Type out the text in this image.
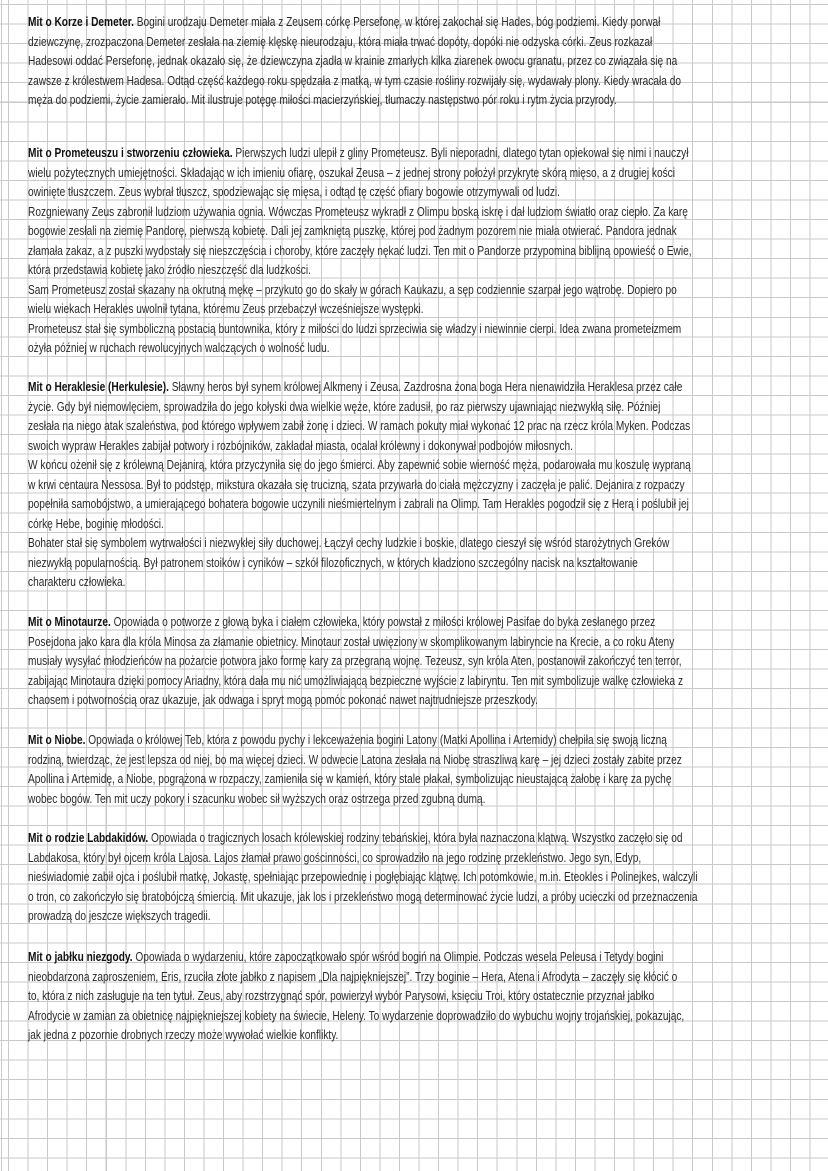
Mit o Korze i Demeter. Bogini urodzaju Demeter miała z Zeusem córkę Persefonę, w której zakochał się Hades, bóg podziemi. Kiedy porwał
dziewczynę, zrozpaczona Demeter zesłała na ziemię klęskę nieurodzaju, która miała trwać dopóty, dopóki nie odzyska córki. Zeus rozkazał
Hadesowi oddać Persefonę, jednak okazało się, że dziewczyna zjadła w krainie zmarłych kilka ziarenek owocu granatu, przez co związała się na
zawsze z królestwem Hadesa. Odtąd część każdego roku spędzała z matką, w tym czasie rośliny rozwijały się, wydawały plony. Kiedy wracała do
męża do podziemi, życie zamierało. Mit ilustruje potęgę miłości macierzyńskiej, tłumaczy następstwo pór roku i rytm życia przyrody.
Mit o Prometeuszu i stworzeniu człowieka. Pierwszych ludzi ulepił z gliny Prometeusz. Byli nieporadni, dlatego tytan opiekował się nimi i nauczył
wielu pożytecznych umiejętności. Składając w ich imieniu ofiarę, oszukał Zeusa – z jednej strony położył przykryte skórą mięso, a z drugiej kości
owinięte tłuszczem. Zeus wybrał tłuszcz, spodziewając się mięsa, i odtąd tę część ofiary bogowie otrzymywali od ludzi.
Rozgniewany Zeus zabronił ludziom używania ognia. Wówczas Prometeusz wykradł z Olimpu boską iskrę i dał ludziom światło oraz ciepło. Za karę
bogowie zesłali na ziemię Pandorę, pierwszą kobietę. Dali jej zamkniętą puszkę, której pod żadnym pozorem nie miała otwierać. Pandora jednak
złamała zakaz, a z puszki wydostały się nieszczęścia i choroby, które zaczęły nękać ludzi. Ten mit o Pandorze przypomina biblijną opowieść o Ewie,
która przedstawia kobietę jako źródło nieszczęść dla ludzkości.
Sam Prometeusz został skazany na okrutną mękę – przykuto go do skały w górach Kaukazu, a sęp codziennie szarpał jego wątrobę. Dopiero po
wielu wiekach Herakles uwolnił tytana, któremu Zeus przebaczył wcześniejsze występki.
Prometeusz stał się symboliczną postacią buntownika, który z miłości do ludzi sprzeciwia się władzy i niewinnie cierpi. Idea zwana prometeizmem
ożyła później w ruchach rewolucyjnych walczących o wolność ludu.
Mit o Heraklesie (Herkulesie). Sławny heros był synem królowej Alkmeny i Zeusa. Zazdrosna żona boga Hera nienawidziła Heraklesa przez całe
życie. Gdy był niemowlęciem, sprowadziła do jego kołyski dwa wielkie węże, które zadusił, po raz pierwszy ujawniając niezwykłą siłę. Później
zesłała na niego atak szaleństwa, pod którego wpływem zabił żonę i dzieci. W ramach pokuty miał wykonać 12 prac na rzecz króla Myken. Podczas
swoich wypraw Herakles zabijał potwory i rozbójników, zakładał miasta, ocalał królewny i dokonywał podbojów miłosnych.
W końcu ożenił się z królewną Dejanirą, która przyczyniła się do jego śmierci. Aby zapewnić sobie wierność męża, podarowała mu koszulę wypraną
w krwi centaura Nessosa. Był to podstęp, mikstura okazała się trucizną, szata przywarła do ciała mężczyzny i zaczęła je palić. Dejanira z rozpaczy
popełniła samobójstwo, a umierającego bohatera bogowie uczynili nieśmiertelnym i zabrali na Olimp. Tam Herakles pogodził się z Herą i poślubił jej
córkę Hebe, boginię młodości.
Bohater stał się symbolem wytrwałości i niezwykłej siły duchowej. Łączył cechy ludzkie i boskie, dlatego cieszył się wśród starożytnych Greków
niezwykłą popularnością. Był patronem stoików i cyników – szkół filozoficznych, w których kładziono szczególny nacisk na kształtowanie
charakteru człowieka.
Mit o Minotaurze. Opowiada o potworze z głową byka i ciałem człowieka, który powstał z miłości królowej Pasifae do byka zesłanego przez
Posejdona jako kara dla króla Minosa za złamanie obietnicy. Minotaur został uwięziony w skomplikowanym labiryncie na Krecie, a co roku Ateny
musiały wysyłać młodzieńców na pożarcie potwora jako formę kary za przegraną wojnę. Tezeusz, syn króla Aten, postanowił zakończyć ten terror,
zabijając Minotaura dzięki pomocy Ariadny, która dała mu nić umożliwiającą bezpieczne wyjście z labiryntu. Ten mit symbolizuje walkę człowieka z
chaosem i potwornością oraz ukazuje, jak odwaga i spryt mogą pomóc pokonać nawet najtrudniejsze przeszkody.
Mit o Niobe. Opowiada o królowej Teb, która z powodu pychy i lekceważenia bogini Latony (Matki Apollina i Artemidy) chełpiła się swoją liczną
rodziną, twierdząc, że jest lepsza od niej, bo ma więcej dzieci. W odwecie Latona zesłała na Niobę straszliwą karę – jej dzieci zostały zabite przez
Apollina i Artemidę, a Niobe, pogrążona w rozpaczy, zamieniła się w kamień, który stale płakał, symbolizując nieustającą żałobę i karę za pychę
wobec bogów. Ten mit uczy pokory i szacunku wobec sił wyższych oraz ostrzega przed zgubną dumą.
Mit o rodzie Labdakidów. Opowiada o tragicznych losach królewskiej rodziny tebańskiej, która była naznaczona klątwą. Wszystko zaczęło się od
Labdakosa, który był ojcem króla Lajosa. Lajos złamał prawo gościnności, co sprowadziło na jego rodzinę przekleństwo. Jego syn, Edyp,
nieświadomie zabił ojca i poślubił matkę, Jokastę, spełniając przepowiednię i pogłębiając klątwę. Ich potomkowie, m.in. Eteokles i Polinejkes, walczyli
o tron, co zakończyło się bratobójczą śmiercią. Mit ukazuje, jak los i przekleństwo mogą determinować życie ludzi, a próby ucieczki od przeznaczenia
prowadzą do jeszcze większych tragedii.
Mit o jabłku niezgody. Opowiada o wydarzeniu, które zapoczątkowało spór wśród bogiń na Olimpie. Podczas wesela Peleusa i Tetydy bogini
nieobdarzona zaproszeniem, Eris, rzuciła złote jabłko z napisem „Dla najpiękniejszej”. Trzy boginie – Hera, Atena i Afrodyta – zaczęły się kłócić o
to, która z nich zasługuje na ten tytuł. Zeus, aby rozstrzygnąć spór, powierzył wybór Parysowi, księciu Troi, który ostatecznie przyznał jabłko
Afrodycie w zamian za obietnicę najpiękniejszej kobiety na świecie, Heleny. To wydarzenie doprowadziło do wybuchu wojny trojańskiej, pokazując,
jak jedna z pozornie drobnych rzeczy może wywołać wielkie konflikty.
